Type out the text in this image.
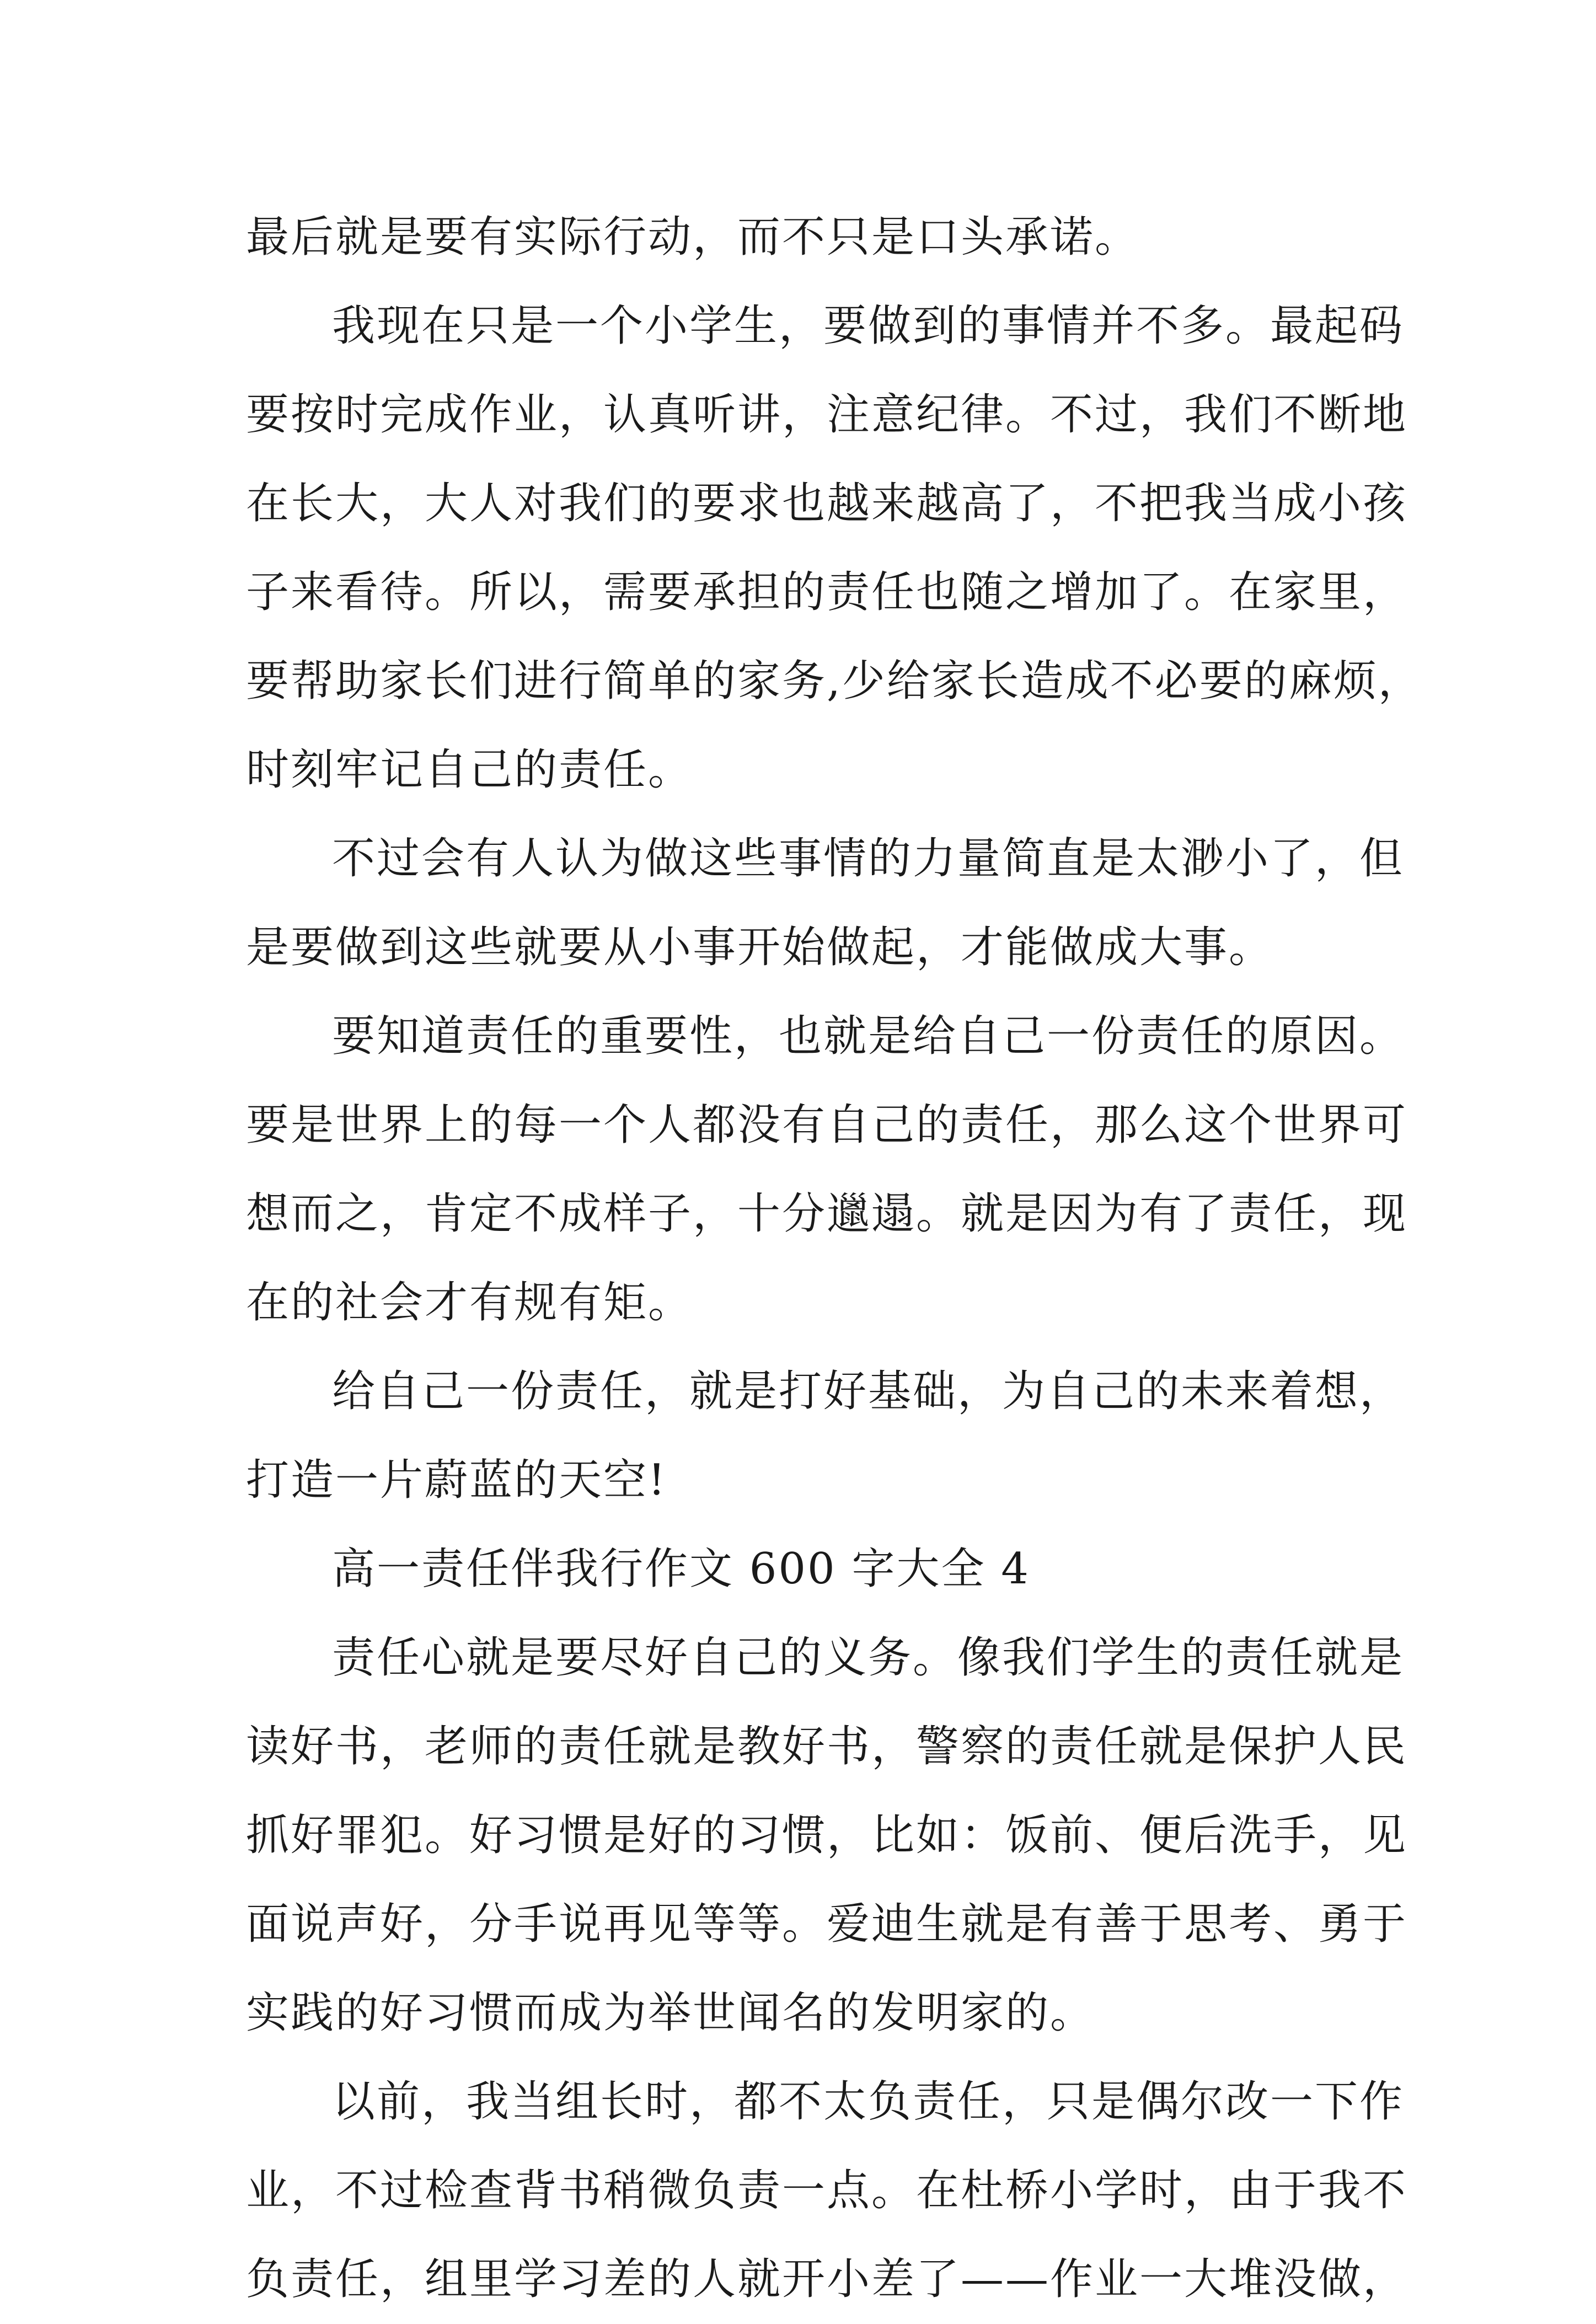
最后就是要有实际行动，而不只是口头承诺。
我现在只是一个小学生，要做到的事情并不多。最起码
要按时完成作业，认真听讲，注意纪律。不过，我们不断地
在长大，大人对我们的要求也越来越高了，不把我当成小孩
子来看待。所以，需要承担的责任也随之增加了。在家里，
要帮助家长们进行简单的家务,少给家长造成不必要的麻烦，
时刻牢记自己的责任。
不过会有人认为做这些事情的力量简直是太渺小了，但
是要做到这些就要从小事开始做起，才能做成大事。
要知道责任的重要性，也就是给自己一份责任的原因。
要是世界上的每一个人都没有自己的责任，那么这个世界可
想而之，肯定不成样子，十分邋遢。就是因为有了责任，现
在的社会才有规有矩。
给自己一份责任，就是打好基础，为自己的未来着想，
打造一片蔚蓝的天空!
高一责任伴我行作文 600 字大全 4
责任心就是要尽好自己的义务。像我们学生的责任就是
读好书，老师的责任就是教好书，警察的责任就是保护人民
抓好罪犯。好习惯是好的习惯，比如：饭前、便后洗手，见
面说声好，分手说再见等等。爱迪生就是有善于思考、勇于
实践的好习惯而成为举世闻名的发明家的。
以前，我当组长时，都不太负责任，只是偶尔改一下作
业，不过检查背书稍微负责一点。在杜桥小学时，由于我不
负责任，组里学习差的人就开小差了——作业一大堆没做，
